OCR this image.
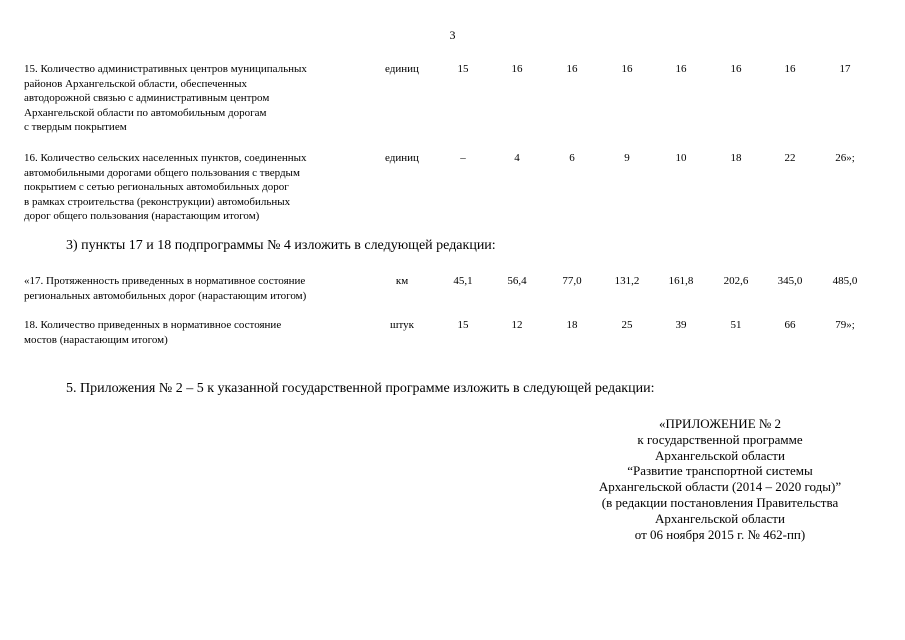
3
15. Количество административных центров муниципальных
районов Архангельской области, обеспеченных
автодорожной связью с административным центром
Архангельской области по автомобильным дорогам
с твердым покрытием
единиц	15	16	16	16	16	16	16	17
16. Количество сельских населенных пунктов, соединенных
автомобильными дорогами общего пользования с твердым
покрытием с сетью региональных автомобильных дорог
в рамках строительства (реконструкции) автомобильных
дорог общего пользования (нарастающим итогом)
единиц	–	4	6	9	10	18	22	26»;
3) пункты 17 и 18 подпрограммы № 4 изложить в следующей редакции:
«17. Протяженность приведенных в нормативное состояние
региональных автомобильных дорог (нарастающим итогом)
км	45,1	56,4	77,0	131,2	161,8	202,6	345,0	485,0
18. Количество приведенных в нормативное состояние
мостов (нарастающим итогом)
штук	15	12	18	25	39	51	66	79»;
5. Приложения № 2 – 5 к указанной государственной программе изложить в следующей редакции:
«ПРИЛОЖЕНИЕ № 2
к государственной программе
Архангельской области
“Развитие транспортной системы
Архангельской области (2014 – 2020 годы)”
(в редакции постановления Правительства
Архангельской области
от 06 ноября 2015 г. № 462-пп)
